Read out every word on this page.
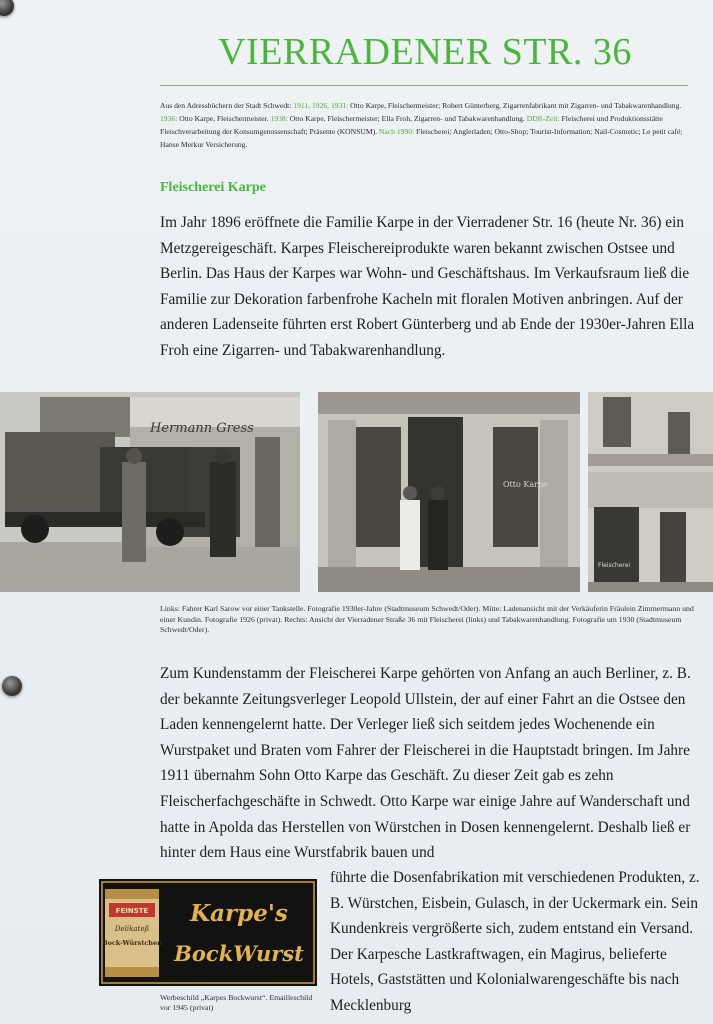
VIERRADENER STR. 36
Aus den Adressbüchern der Stadt Schwedt: 1911, 1926, 1931: Otto Karpe, Fleischermeister; Robert Günterberg, Zigarrenfabrikant mit Zigarren- und Tabakwarenhandlung. 1936: Otto Karpe, Fleischermeister. 1938: Otto Karpe, Fleischermeister; Ella Froh, Zigarren- und Tabakwarenhandlung. DDR-Zeit: Fleischerei und Produktionsstätte Fleischverarbeitung der Konsumgenossenschaft; Präsente (KONSUM). Nach 1990: Fleischerei; Anglerladen; Otto-Shop; Tourist-Information; Nail-Cosmetic; Le petit café; Hanse Merkur Versicherung.
Fleischerei Karpe

Im Jahr 1896 eröffnete die Familie Karpe in der Vierradener Str. 16 (heute Nr. 36) ein Metzgereigeschäft. Karpes Fleischereiprodukte waren bekannt zwischen Ostsee und Berlin. Das Haus der Karpes war Wohn- und Geschäftshaus. Im Verkaufsraum ließ die Familie zur Dekoration farbenfrohe Kacheln mit floralen Motiven anbringen. Auf der anderen Ladenseite führten erst Robert Günterberg und ab Ende der 1930er-Jahren Ella Froh eine Zigarren- und Tabakwarenhandlung.

Hermann Gress
Otto Karpe
Fleischerei
Links: Fahrer Karl Sarow vor einer Tankstelle. Fotografie 1930er-Jahre (Stadtmuseum Schwedt/Oder). Mitte: Ladenansicht mit der Verkäuferin Fräulein Zimmermann und einer Kundin. Fotografie 1926 (privat). Rechts: Ansicht der Vierradener Straße 36 mit Fleischerei (links) und Tabakwarenhandlung. Fotografie um 1930 (Stadtmuseum Schwedt/Oder).

Zum Kundenstamm der Fleischerei Karpe gehörten von Anfang an auch Berliner, z. B. der bekannte Zeitungsverleger Leopold Ullstein, der auf einer Fahrt an die Ostsee den Laden kennengelernt hatte. Der Verleger ließ sich seitdem jedes Wochenende ein Wurstpaket und Braten vom Fahrer der Fleischerei in die Hauptstadt bringen. Im Jahre 1911 übernahm Sohn Otto Karpe das Geschäft. Zu dieser Zeit gab es zehn Fleischerfachgeschäfte in Schwedt. Otto Karpe war einige Jahre auf Wanderschaft und hatte in Apolda das Herstellen von Würstchen in Dosen kennengelernt. Deshalb ließ er hinter dem Haus eine Wurstfabrik bauen und

führte die Dosenfabrikation mit verschiedenen Produkten, z. B. Würstchen, Eisbein, Gulasch, in der Uckermark ein. Sein Kundenkreis vergrößerte sich, zudem entstand ein Versand. Der Karpesche Lastkraftwagen, ein Magirus, belieferte Hotels, Gaststätten und Kolonialwarengeschäfte bis nach Mecklenburg

FEINSTE
Delikateß
Bock-Würstchen
Karpe's
BockWurst
Werbeschild „Karpes Bockwurst“. Emailleschild vor 1945 (privat)
